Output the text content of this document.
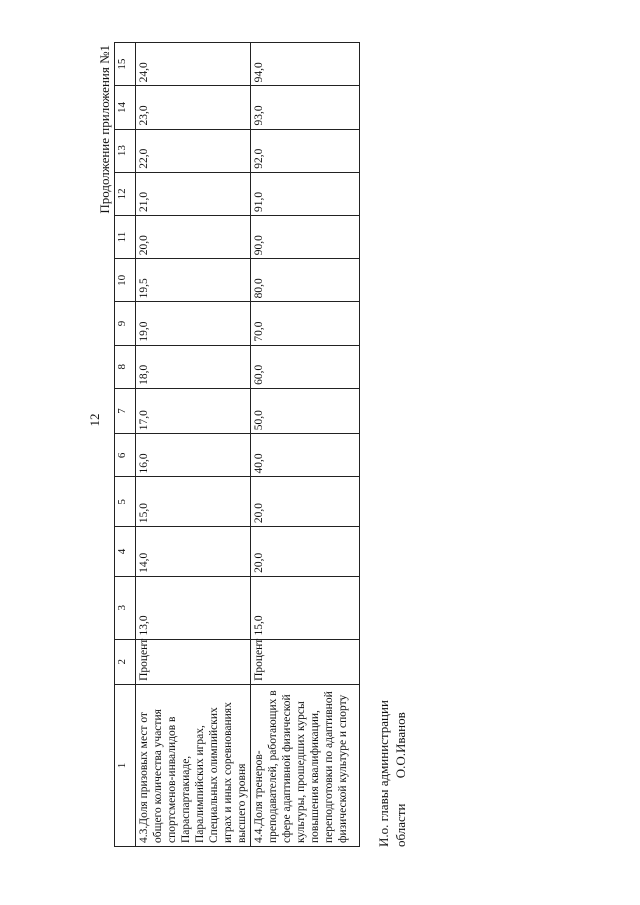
12
Продолжение приложения №1
1	2	3	4	5	6	7	8	9	10	11	12	13	14	15
4.3.Доля призовых мест от общего количества участия спортсменов-инвалидов в Параспартакиаде, Паралимпийских играх, Специальных олимпийских играх и иных соревнованиях высшего уровня	Процент	13,0	14,0	15,0	16,0	17,0	18,0	19,0	19,5	20,0	21,0	22,0	23,0	24,0
4.4.Доля тренеров-преподавателей, работающих в сфере адаптивной физической культуры, прошедших курсы повышения квалификации, переподготовки по адаптивной физической культуре и спорту	Процент	15,0	20,0	20,0	40,0	50,0	60,0	70,0	80,0	90,0	91,0	92,0	93,0	94,0
И.о. главы администрации области О.О.Иванов
